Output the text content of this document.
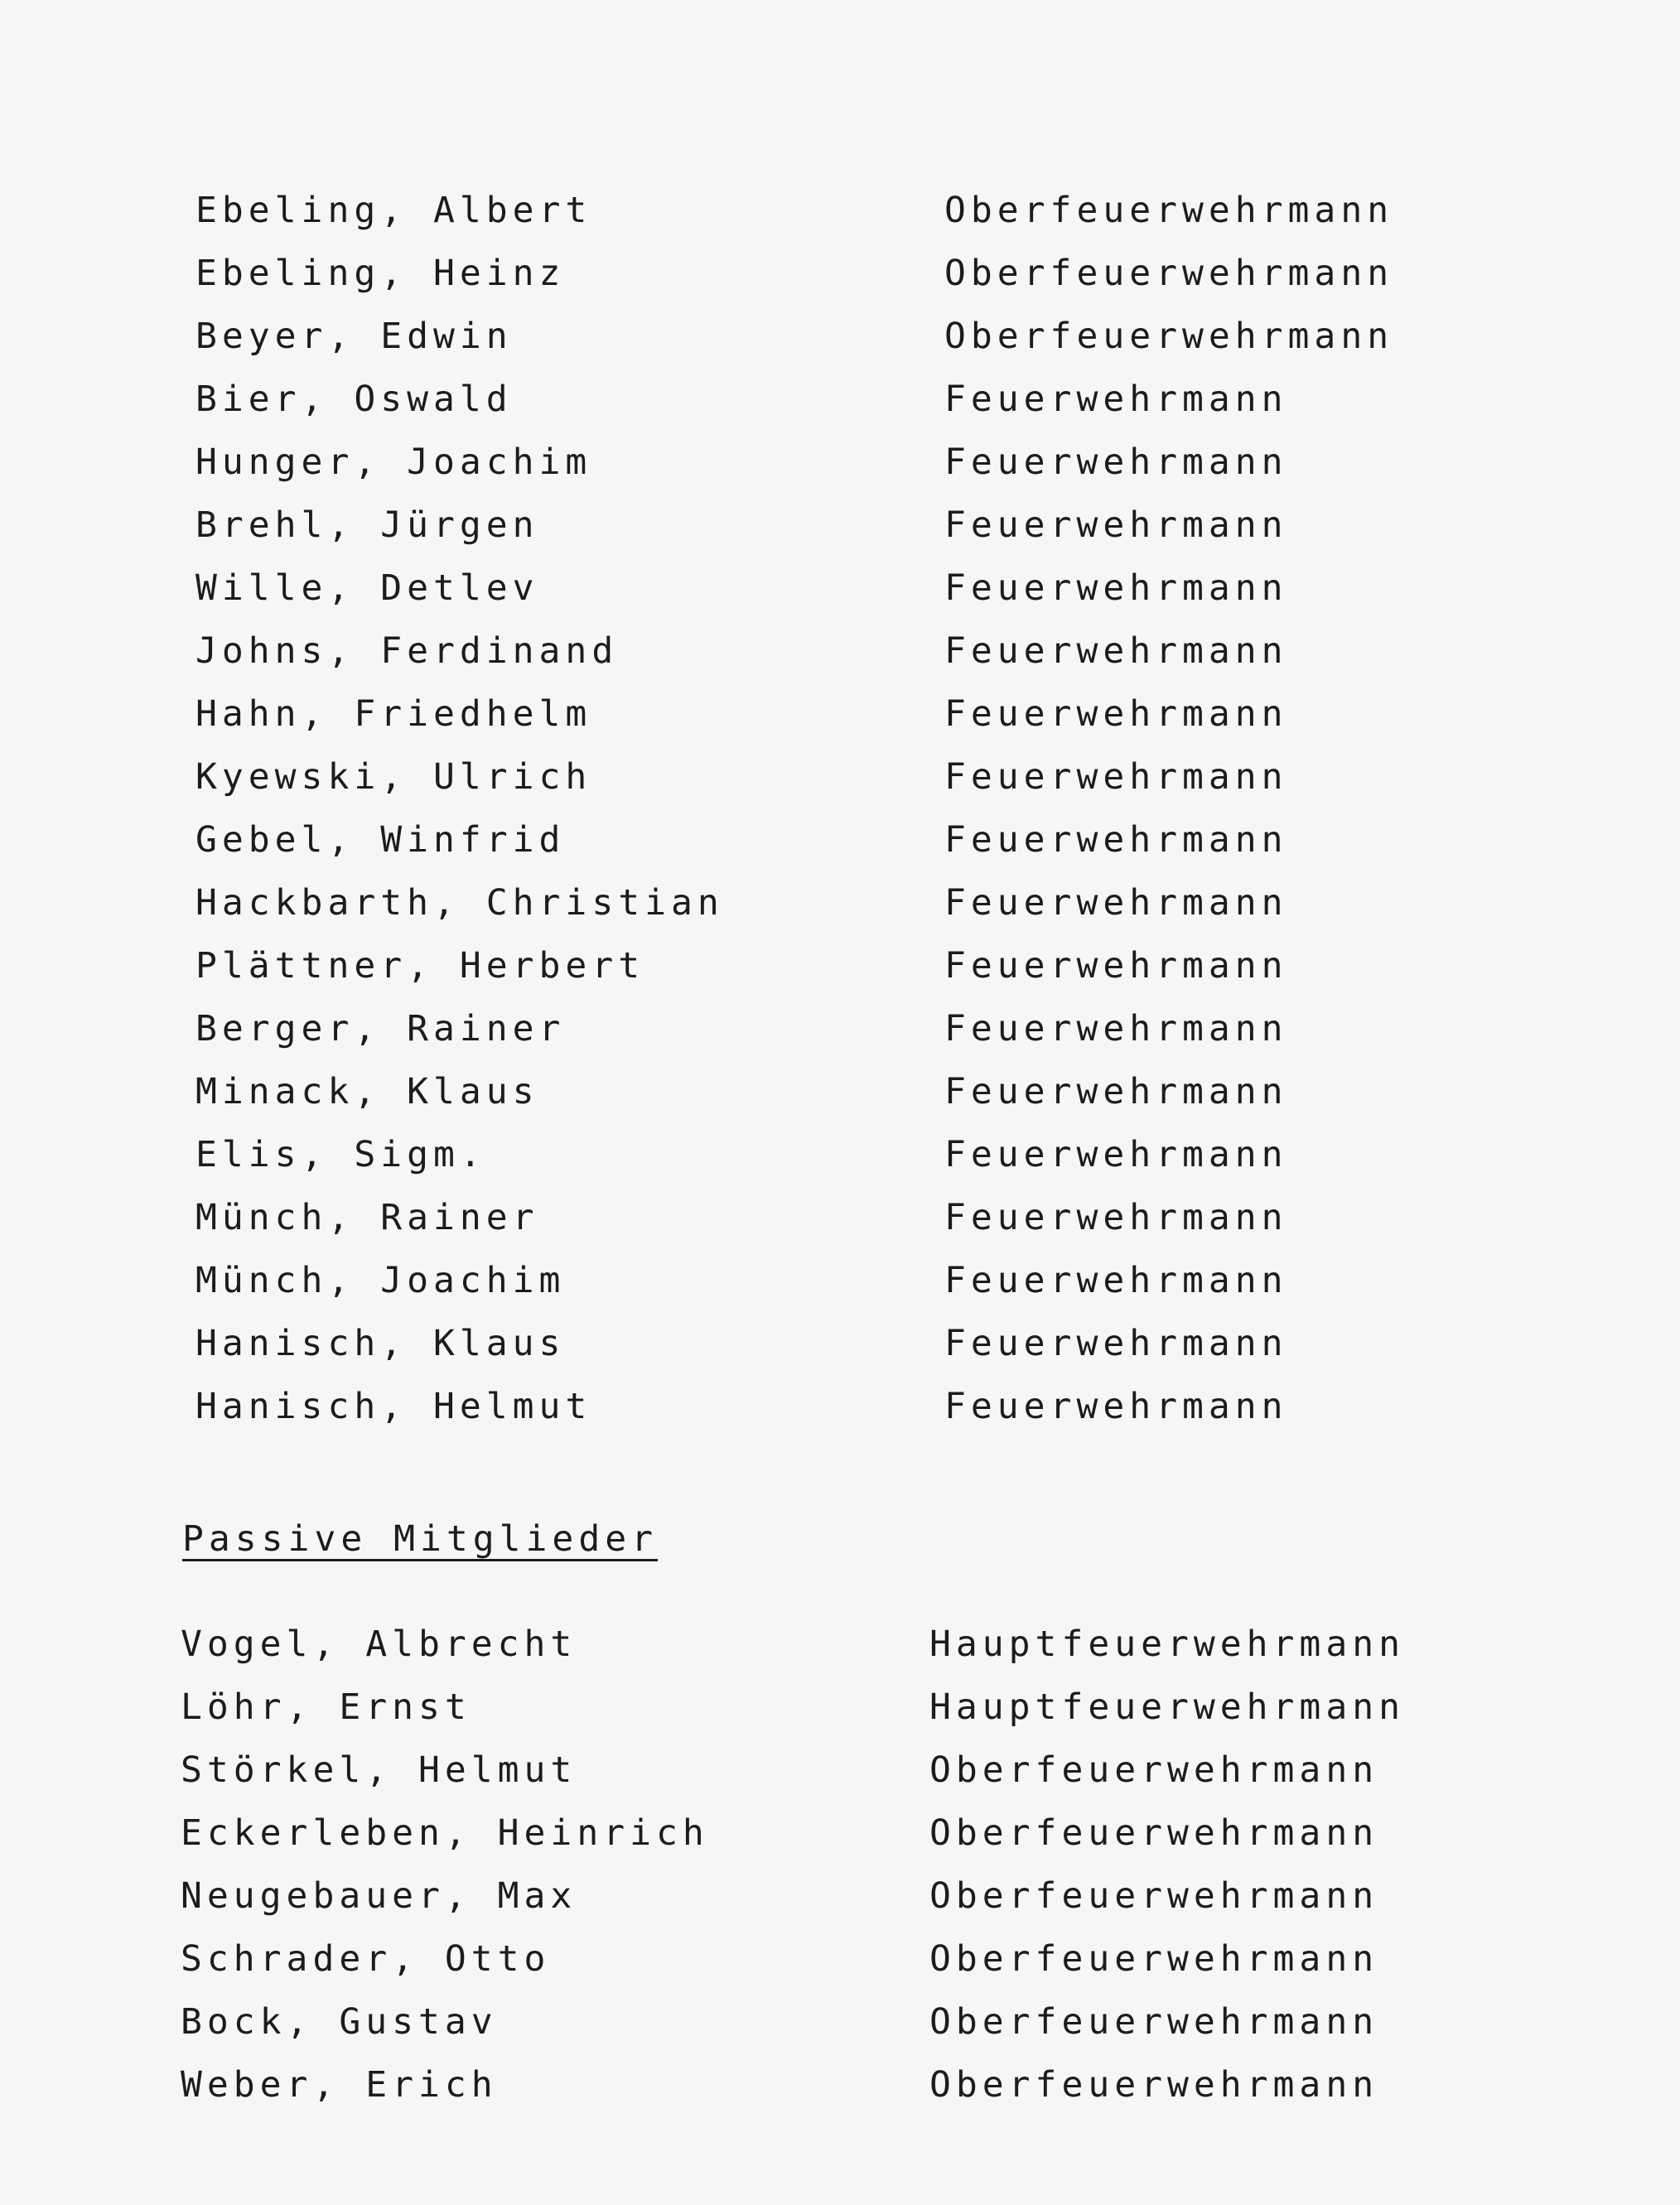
Ebeling, Albert	Oberfeuerwehrmann
Ebeling, Heinz	Oberfeuerwehrmann
Beyer, Edwin	Oberfeuerwehrmann
Bier, Oswald	Feuerwehrmann
Hunger, Joachim	Feuerwehrmann
Brehl, Jürgen	Feuerwehrmann
Wille, Detlev	Feuerwehrmann
Johns, Ferdinand	Feuerwehrmann
Hahn, Friedhelm	Feuerwehrmann
Kyewski, Ulrich	Feuerwehrmann
Gebel, Winfrid	Feuerwehrmann
Hackbarth, Christian	Feuerwehrmann
Plättner, Herbert	Feuerwehrmann
Berger, Rainer	Feuerwehrmann
Minack, Klaus	Feuerwehrmann
Elis, Sigm.	Feuerwehrmann
Münch, Rainer	Feuerwehrmann
Münch, Joachim	Feuerwehrmann
Hanisch, Klaus	Feuerwehrmann
Hanisch, Helmut	Feuerwehrmann
Passive Mitglieder
Vogel, Albrecht	Hauptfeuerwehrmann
Löhr, Ernst	Hauptfeuerwehrmann
Störkel, Helmut	Oberfeuerwehrmann
Eckerleben, Heinrich	Oberfeuerwehrmann
Neugebauer, Max	Oberfeuerwehrmann
Schrader, Otto	Oberfeuerwehrmann
Bock, Gustav	Oberfeuerwehrmann
Weber, Erich	Oberfeuerwehrmann
